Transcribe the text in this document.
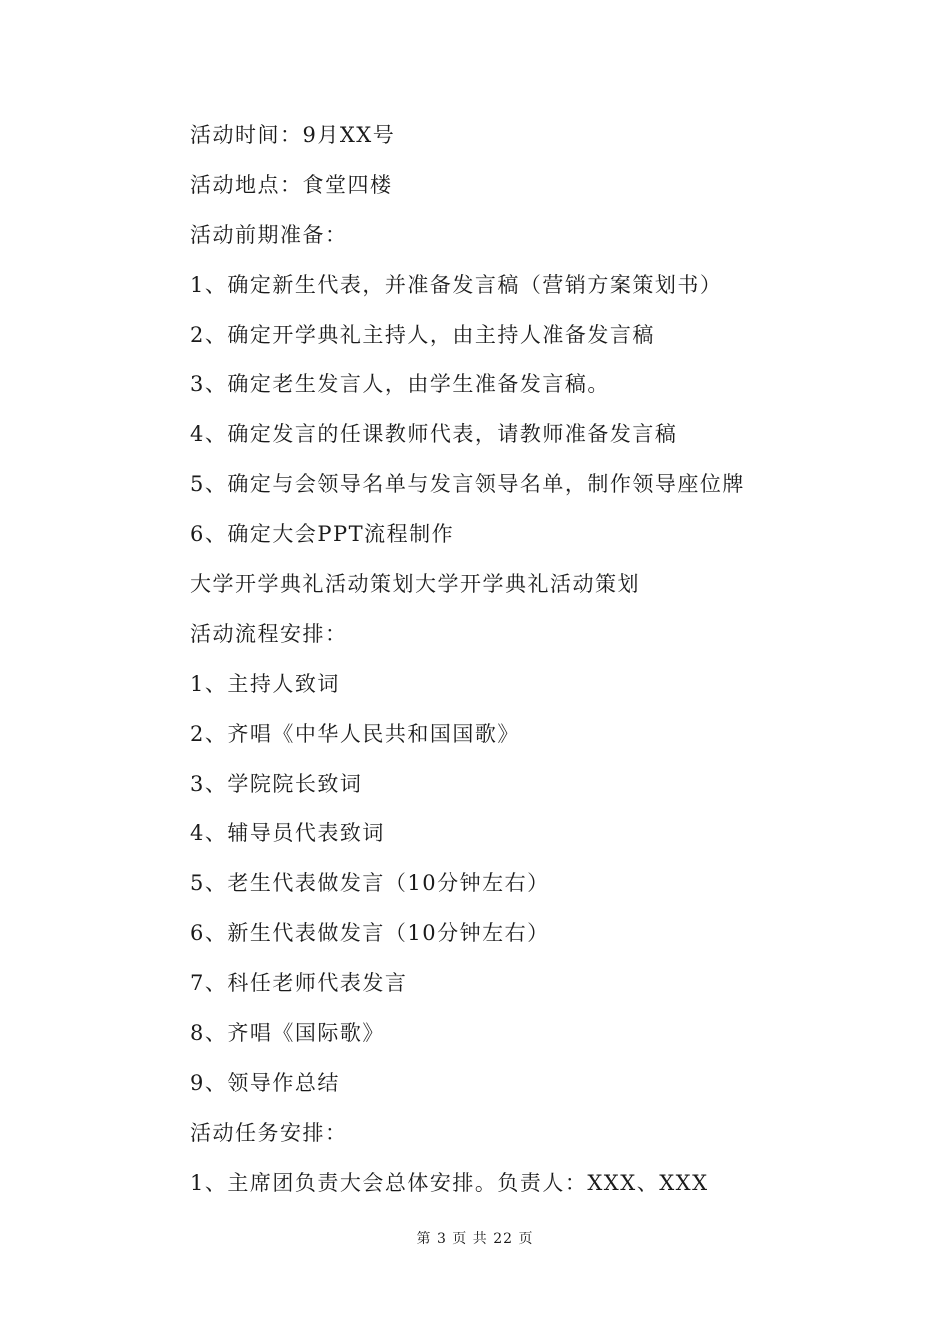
活动时间：9月XX号
活动地点：食堂四楼
活动前期准备：
1、确定新生代表，并准备发言稿（营销方案策划书）
2、确定开学典礼主持人，由主持人准备发言稿
3、确定老生发言人，由学生准备发言稿。
4、确定发言的任课教师代表，请教师准备发言稿
5、确定与会领导名单与发言领导名单，制作领导座位牌
6、确定大会PPT流程制作
大学开学典礼活动策划大学开学典礼活动策划
活动流程安排：
1、主持人致词
2、齐唱《中华人民共和国国歌》
3、学院院长致词
4、辅导员代表致词
5、老生代表做发言（10分钟左右）
6、新生代表做发言（10分钟左右）
7、科任老师代表发言
8、齐唱《国际歌》
9、领导作总结
活动任务安排：
1、主席团负责大会总体安排。负责人：XXX、XXX
第 3 页 共 22 页
